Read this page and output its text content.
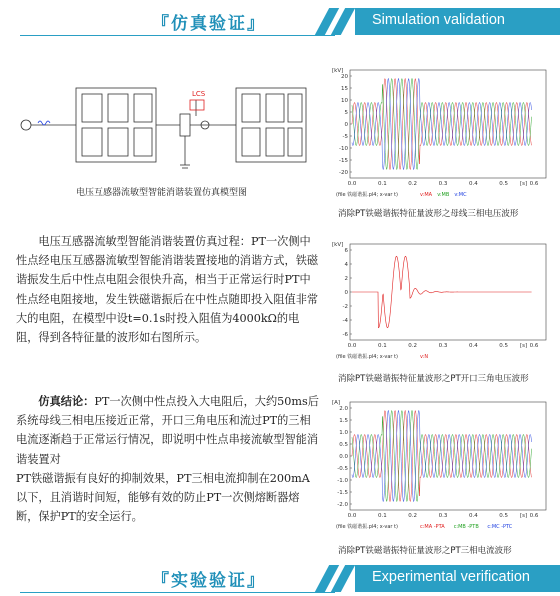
『仿真验证』	Simulation validation
LCS
电压互感器流敏型智能消谐装置仿真模型图

电压互感器流敏型智能消谐装置仿真过程：PT一次侧中性点经电压互感器流敏型智能消谐装置接地的消谐方式，铁磁谐振发生后中性点电阻会很快升高，相当于正常运行时PT中性点经电阻接地，发生铁磁谐振后在中性点随即投入阻值非常大的电阻，在模型中设t=0.1s时投入阻值为4000kΩ的电阻，得到各特征量的波形如右图所示。

仿真结论：PT一次侧中性点投入大电阻后，大约50ms后系统母线三相电压接近正常，开口三角电压和流过PT的三相电流逐渐趋于正常运行情况，即说明中性点串接流敏型智能消谐装置对

PT铁磁谐振有良好的抑制效果，PT三相电流抑制在200mA以下，且消谐时间短，能够有效的防止PT一次侧熔断器熔断，保护PT的安全运行。

[kV]
20
15
10
5
0
-5
-10
-15
-20
0.0	0.1	0.2	0.3	0.4	0.5	0.6
[s]
(file 铁磁谐振.pl4; x-var t)	v:MA v:MB v:MC
消除PT铁磁谐振特征量波形之母线三相电压波形
[kV]
6
4
2
0
-2
-4
-6
0.0	0.1	0.2	0.3	0.4	0.5	0.6
[s]
(file 铁磁谐振.pl4; x-var t)	v:N
消除PT铁磁谐振特征量波形之PT开口三角电压波形
[A]
2.0
1.5
1.0
0.5
0.0
-0.5
-1.0
-1.5
-2.0
0.0	0.1	0.2	0.3	0.4	0.5	0.6
[s]
(file 铁磁谐振.pl4; x-var t)	c:MA -PTA c:MB -PTB c:MC -PTC
消除PT铁磁谐振特征量波形之PT三相电流波形
『实验验证』	Experimental verification
